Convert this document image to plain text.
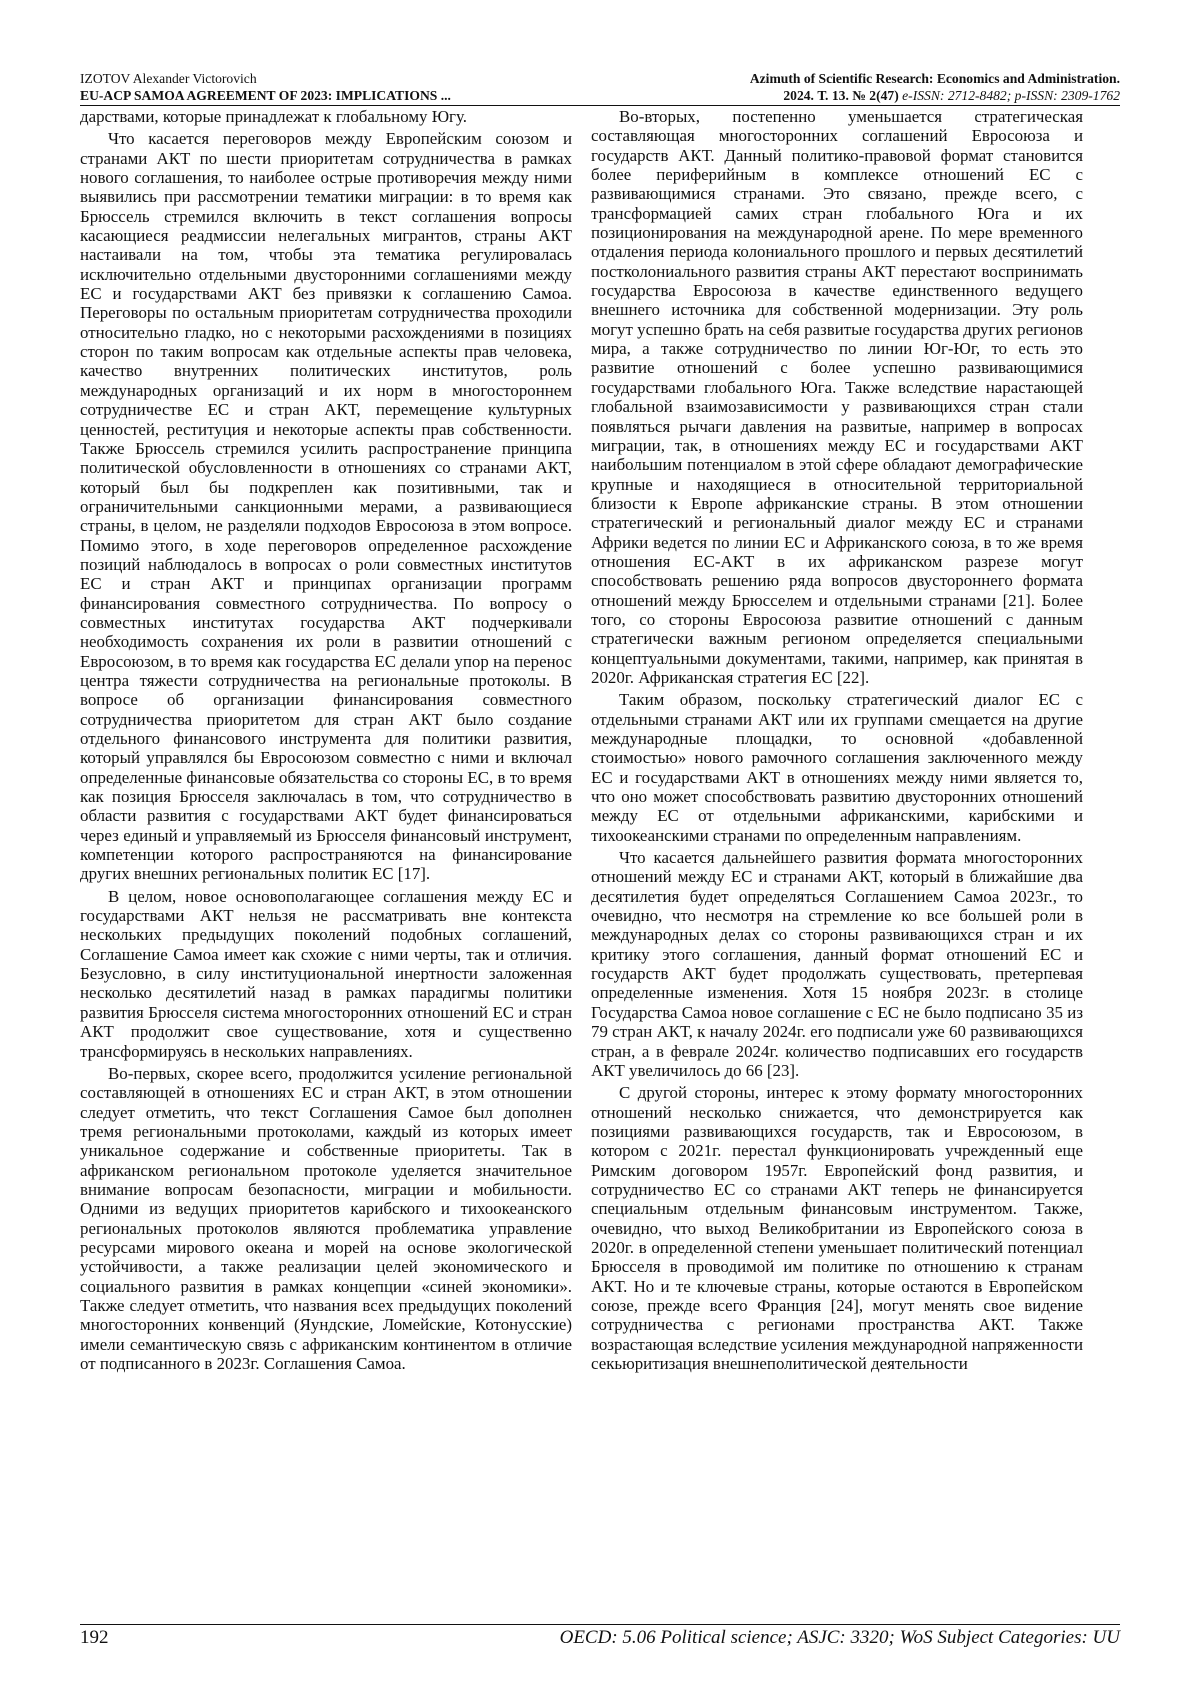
IZOTOV Alexander Victorovich
EU-ACP SAMOA AGREEMENT OF 2023: IMPLICATIONS ...
Azimuth of Scientific Research: Economics and Administration.
2024. Т. 13. № 2(47) e-ISSN: 2712-8482; p-ISSN: 2309-1762

дарствами, которые принадлежат к глобальному Югу.

Что касается переговоров между Европейским союзом и странами АКТ по шести приоритетам сотрудничества в рамках нового соглашения, то наиболее острые противоречия между ними выявились при рассмотрении тематики миграции: в то время как Брюссель стремился включить в текст соглашения вопросы касающиеся реадмиссии нелегальных мигрантов, страны АКТ настаивали на том, чтобы эта тематика регулировалась исключительно отдельными двусторонними соглашениями между ЕС и государствами АКТ без привязки к соглашению Самоа. Переговоры по остальным приоритетам сотрудничества проходили относительно гладко, но с некоторыми расхождениями в позициях сторон по таким вопросам как отдельные аспекты прав человека, качество внутренних политических институтов, роль международных организаций и их норм в многостороннем сотрудничестве ЕС и стран АКТ, перемещение культурных ценностей, реституция и некоторые аспекты прав собственности. Также Брюссель стремился усилить распространение принципа политической обусловленности в отношениях со странами АКТ, который был бы подкреплен как позитивными, так и ограничительными санкционными мерами, а развивающиеся страны, в целом, не разделяли подходов Евросоюза в этом вопросе. Помимо этого, в ходе переговоров определенное расхождение позиций наблюдалось в вопросах о роли совместных институтов ЕС и стран АКТ и принципах организации программ финансирования совместного сотрудничества. По вопросу о совместных институтах государства АКТ подчеркивали необходимость сохранения их роли в развитии отношений с Евросоюзом, в то время как государства ЕС делали упор на перенос центра тяжести сотрудничества на региональные протоколы. В вопросе об организации финансирования совместного сотрудничества приоритетом для стран АКТ было создание отдельного финансового инструмента для политики развития, который управлялся бы Евросоюзом совместно с ними и включал определенные финансовые обязательства со стороны ЕС, в то время как позиция Брюсселя заключалась в том, что сотрудничество в области развития с государствами АКТ будет финансироваться через единый и управляемый из Брюсселя финансовый инструмент, компетенции которого распространяются на финансирование других внешних региональных политик ЕС [17].

В целом, новое основополагающее соглашения между ЕС и государствами АКТ нельзя не рассматривать вне контекста нескольких предыдущих поколений подобных соглашений, Соглашение Самоа имеет как схожие с ними черты, так и отличия. Безусловно, в силу институциональной инертности заложенная несколько десятилетий назад в рамках парадигмы политики развития Брюсселя система многосторонних отношений ЕС и стран АКТ продолжит свое существование, хотя и существенно трансформируясь в нескольких направлениях.

Во-первых, скорее всего, продолжится усиление региональной составляющей в отношениях ЕС и стран АКТ, в этом отношении следует отметить, что текст Соглашения Самое был дополнен тремя региональными протоколами, каждый из которых имеет уникальное содержание и собственные приоритеты. Так в африканском региональном протоколе уделяется значительное внимание вопросам безопасности, миграции и мобильности. Одними из ведущих приоритетов карибского и тихоокеанского региональных протоколов являются проблематика управление ресурсами мирового океана и морей на основе экологической устойчивости, а также реализации целей экономического и социального развития в рамках концепции «синей экономики». Также следует отметить, что названия всех предыдущих поколений многосторонних конвенций (Яундские, Ломейские, Котонусские) имели семантическую связь с африканским континентом в отличие от подписанного в 2023г. Соглашения Самоа.

Во-вторых, постепенно уменьшается стратегическая составляющая многосторонних соглашений Евросоюза и государств АКТ. Данный политико-правовой формат становится более периферийным в комплексе отношений ЕС с развивающимися странами. Это связано, прежде всего, с трансформацией самих стран глобального Юга и их позиционирования на международной арене. По мере временного отдаления периода колониального прошлого и первых десятилетий постколониального развития страны АКТ перестают воспринимать государства Евросоюза в качестве единственного ведущего внешнего источника для собственной модернизации. Эту роль могут успешно брать на себя развитые государства других регионов мира, а также сотрудничество по линии Юг-Юг, то есть это развитие отношений с более успешно развивающимися государствами глобального Юга. Также вследствие нарастающей глобальной взаимозависимости у развивающихся стран стали появляться рычаги давления на развитые, например в вопросах миграции, так, в отношениях между ЕС и государствами АКТ наибольшим потенциалом в этой сфере обладают демографические крупные и находящиеся в относительной территориальной близости к Европе африканские страны. В этом отношении стратегический и региональный диалог между ЕС и странами Африки ведется по линии ЕС и Африканского союза, в то же время отношения ЕС-АКТ в их африканском разрезе могут способствовать решению ряда вопросов двустороннего формата отношений между Брюсселем и отдельными странами [21]. Более того, со стороны Евросоюза развитие отношений с данным стратегически важным регионом определяется специальными концептуальными документами, такими, например, как принятая в 2020г. Африканская стратегия ЕС [22].

Таким образом, поскольку стратегический диалог ЕС с отдельными странами АКТ или их группами смещается на другие международные площадки, то основной «добавленной стоимостью» нового рамочного соглашения заключенного между ЕС и государствами АКТ в отношениях между ними является то, что оно может способствовать развитию двусторонних отношений между ЕС от отдельными африканскими, карибскими и тихоокеанскими странами по определенным направлениям.

Что касается дальнейшего развития формата многосторонних отношений между ЕС и странами АКТ, который в ближайшие два десятилетия будет определяться Соглашением Самоа 2023г., то очевидно, что несмотря на стремление ко все большей роли в международных делах со стороны развивающихся стран и их критику этого соглашения, данный формат отношений ЕС и государств АКТ будет продолжать существовать, претерпевая определенные изменения. Хотя 15 ноября 2023г. в столице Государства Самоа новое соглашение с ЕС не было подписано 35 из 79 стран АКТ, к началу 2024г. его подписали уже 60 развивающихся стран, а в феврале 2024г. количество подписавших его государств АКТ увеличилось до 66 [23].

С другой стороны, интерес к этому формату многосторонних отношений несколько снижается, что демонстрируется как позициями развивающихся государств, так и Евросоюзом, в котором с 2021г. перестал функционировать учрежденный еще Римским договором 1957г. Европейский фонд развития, и сотрудничество ЕС со странами АКТ теперь не финансируется специальным отдельным финансовым инструментом. Также, очевидно, что выход Великобритании из Европейского союза в 2020г. в определенной степени уменьшает политический потенциал Брюсселя в проводимой им политике по отношению к странам АКТ. Но и те ключевые страны, которые остаются в Европейском союзе, прежде всего Франция [24], могут менять свое видение сотрудничества с регионами пространства АКТ. Также возрастающая вследствие усиления международной напряженности секьюритизация внешнеполитической деятельности

192	OECD: 5.06 Political science; ASJC: 3320; WoS Subject Categories: UU
